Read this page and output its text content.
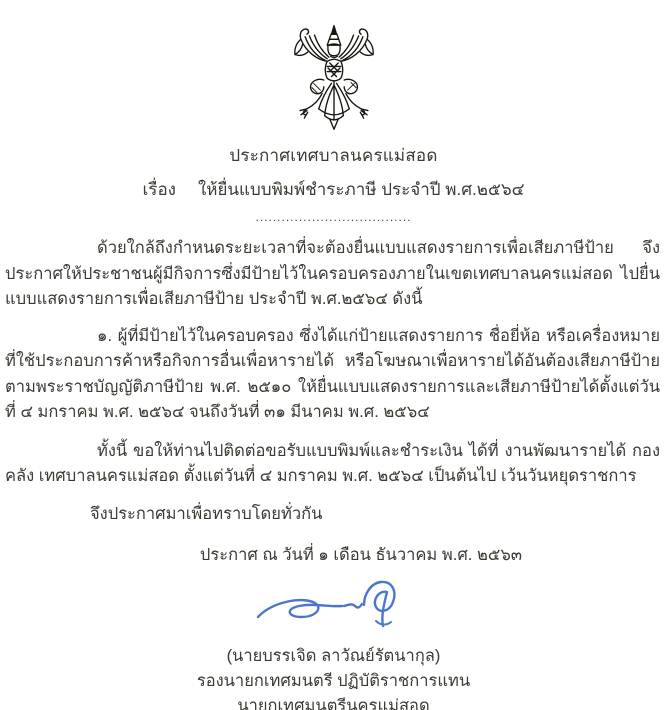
ประกาศเทศบาลนครแม่สอด
เรื่อง ให้ยื่นแบบพิมพ์ชำระภาษี ประจำปี พ.ศ.๒๕๖๔
....................................

ด้วยใกล้ถึงกำหนดระยะเวลาที่จะต้องยื่นแบบแสดงรายการเพื่อเสียภาษีป้าย จึงประกาศให้ประชาชนผู้มีกิจการซึ่งมีป้ายไว้ในครอบครองภายในเขตเทศบาลนครแม่สอด ไปยื่นแบบแสดงรายการเพื่อเสียภาษีป้าย ประจำปี พ.ศ.๒๕๖๔ ดังนี้

๑. ผู้ที่มีป้ายไว้ในครอบครอง ซึ่งได้แก่ป้ายแสดงรายการ ชื่อยี่ห้อ หรือเครื่องหมายที่ใช้ประกอบการค้าหรือกิจการอื่นเพื่อหารายได้ หรือโฆษณาเพื่อหารายได้อันต้องเสียภาษีป้าย ตามพระราชบัญญัติภาษีป้าย พ.ศ. ๒๕๑๐ ให้ยื่นแบบแสดงรายการและเสียภาษีป้ายได้ตั้งแต่วันที่ ๔ มกราคม พ.ศ. ๒๕๖๔ จนถึงวันที่ ๓๑ มีนาคม พ.ศ. ๒๕๖๔

ทั้งนี้ ขอให้ท่านไปติดต่อขอรับแบบพิมพ์และชำระเงิน ได้ที่ งานพัฒนารายได้ กองคลัง เทศบาลนครแม่สอด ตั้งแต่วันที่ ๔ มกราคม พ.ศ. ๒๕๖๔ เป็นต้นไป เว้นวันหยุดราชการ

จึงประกาศมาเพื่อทราบโดยทั่วกัน

ประกาศ ณ วันที่ ๑ เดือน ธันวาคม พ.ศ. ๒๕๖๓
(นายบรรเจิด ลาวัณย์รัตนากุล)
รองนายกเทศมนตรี ปฏิบัติราชการแทน
นายกเทศมนตรีนครแม่สอด
